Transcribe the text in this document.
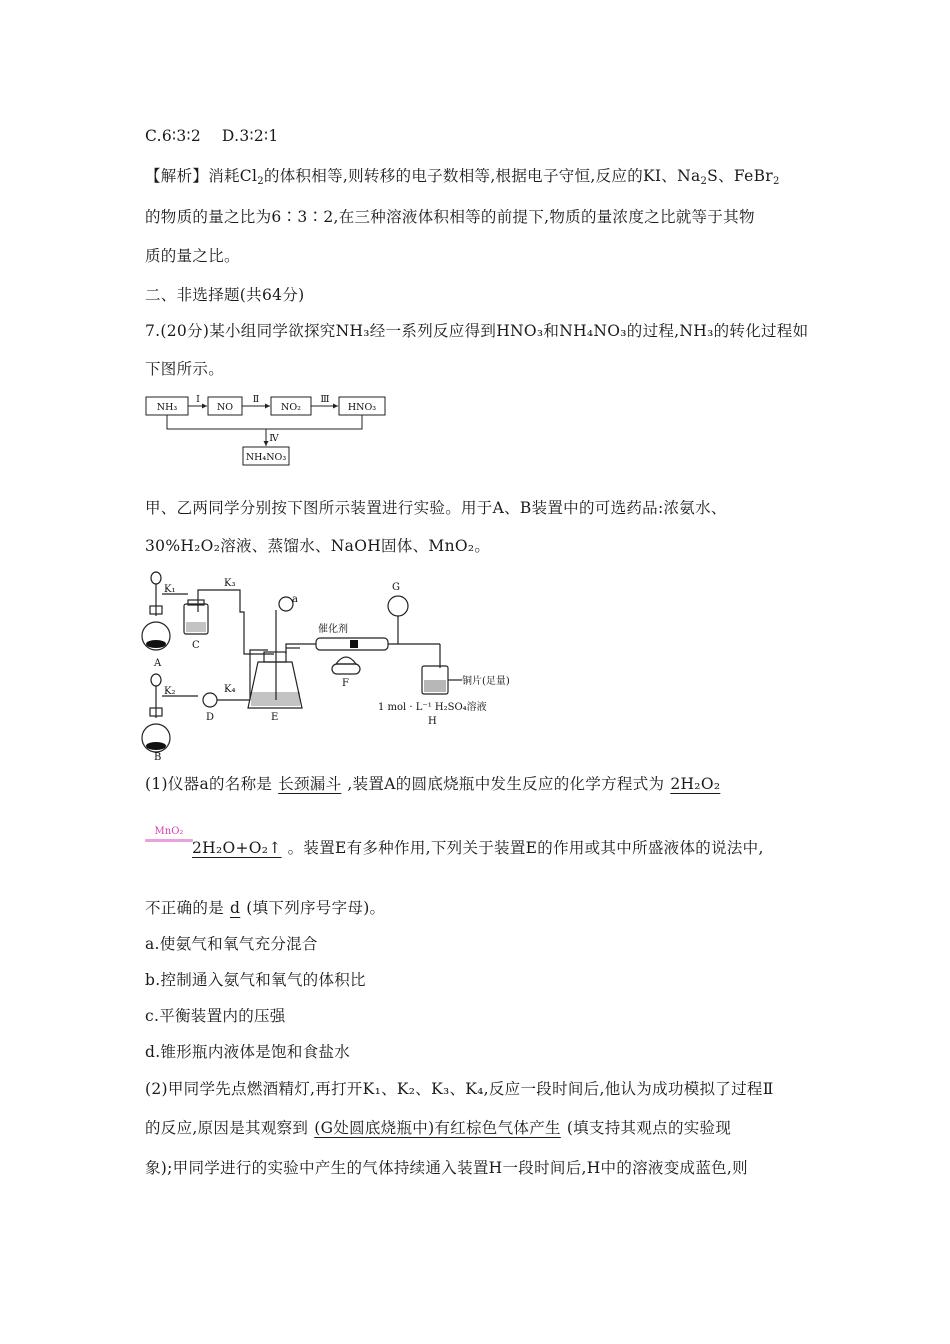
C.6∶3∶2 D.3∶2∶1
【解析】消耗$Cl_2$的体积相等,则转移的电子数相等,根据电子守恒,反应的KI、$Na_2S$、FeBr$_2$
的物质的量之比为6∶3∶2,在三种溶液体积相等的前提下,物质的量浓度之比就等于其物
质的量之比。
二、非选择题(共64分)
7.(20分)某小组同学欲探究NH₃经一系列反应得到HNO₃和NH₄NO₃的过程,NH₃的转化过程如
下图所示。
NH₃	NO	NO₂	HNO₃
NH₄NO₃
Ⅰ	Ⅱ	Ⅲ
Ⅳ
甲、乙两同学分别按下图所示装置进行实验。用于A、B装置中的可选药品:浓氨水、
30%H₂O₂溶液、蒸馏水、NaOH固体、MnO₂。
A
B
C
D	E
F
G
H
a
K₁
K₂
K₃
K₄
催化剂
铜片(足量)
1 mol · L⁻¹ H₂SO₄溶液
(1)仪器a的名称是 长颈漏斗 ,装置A的圆底烧瓶中发生反应的化学方程式为 2H₂O₂
MnO₂
2H₂O+O₂↑ 。装置E有多种作用,下列关于装置E的作用或其中所盛液体的说法中,
不正确的是 d (填下列序号字母)。
a.使氨气和氧气充分混合
b.控制通入氨气和氧气的体积比
c.平衡装置内的压强
d.锥形瓶内液体是饱和食盐水
(2)甲同学先点燃酒精灯,再打开K₁、K₂、K₃、K₄,反应一段时间后,他认为成功模拟了过程Ⅱ
的反应,原因是其观察到 (G处圆底烧瓶中)有红棕色气体产生 (填支持其观点的实验现
象);甲同学进行的实验中产生的气体持续通入装置H一段时间后,H中的溶液变成蓝色,则
